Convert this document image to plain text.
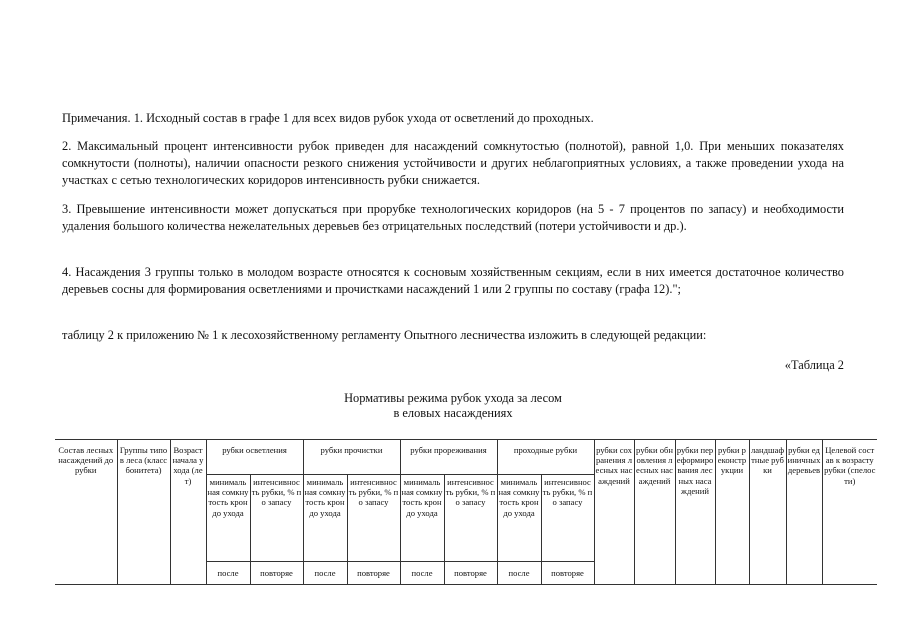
Примечания. 1. Исходный состав в графе 1 для всех видов рубок ухода от осветлений до проходных.

2. Максимальный процент интенсивности рубок приведен для насаждений сомкнутостью (полнотой), равной 1,0. При меньших показателях сомкнутости (полноты), наличии опасности резкого снижения устойчивости и других неблагоприятных условиях, а также проведении ухода на участках с сетью технологических коридоров интенсивность рубки снижается.

3. Превышение интенсивности может допускаться при прорубке технологических коридоров (на 5 - 7 процентов по запасу) и необходимости удаления большого количества нежелательных деревьев без отрицательных последствий (потери устойчивости и др.).

4. Насаждения 3 группы только в молодом возрасте относятся к сосновым хозяйственным секциям, если в них имеется достаточное количество деревьев сосны для формирования осветлениями и прочистками насаждений 1 или 2 группы по составу (графа 12).";

таблицу 2 к приложению № 1 к лесохозяйственному регламенту Опытного лесничества изложить в следующей редакции:

«Таблица 2

Нормативы режима рубок ухода за лесом
в еловых насаждениях
Состав лесных насаждений до рубки	Группы типов леса (класс бонитета)	Возраст начала ухода (лет)	рубки осветления		рубки прочистки		рубки прореживания		проходные рубки		рубки сохранения лесных насаждений	рубки обновления лесных насаждений	рубки переформирования лесных насаждений	рубки реконструкции	ландшафтные рубки	рубки единичных деревьев	Целевой состав к возрасту рубки (спелости)
			минимальная сомкнутость крон до ухода	интенсивность рубки, % по запасу	минимальная сомкнутость крон до ухода	интенсивность рубки, % по запасу	минимальная сомкнутость крон до ухода	интенсивность рубки, % по запасу	минимальная сомкнутость крон до ухода	интенсивность рубки, % по запасу							
			после	повторяе	после	повторяе	после	повторяе	после	повторяе							
